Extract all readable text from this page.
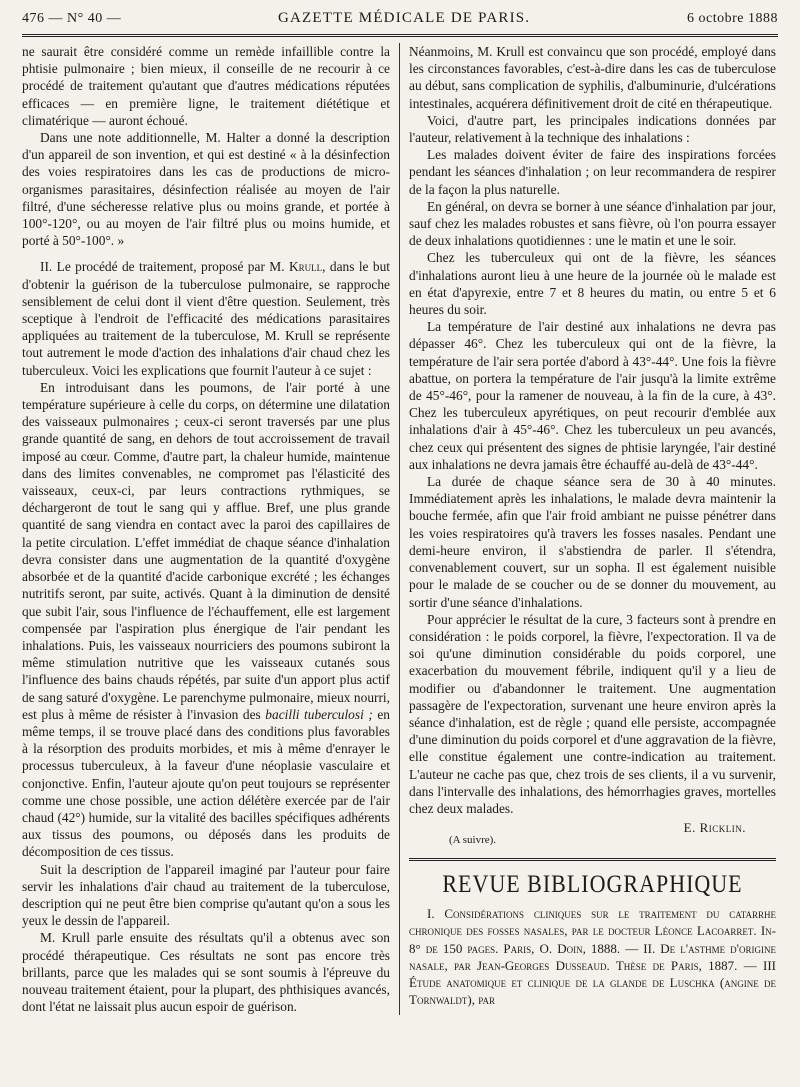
476 — N° 40 —	GAZETTE MÉDICALE DE PARIS.	6 octobre 1888

ne saurait être considéré comme un remède infaillible contre la phtisie pulmonaire ; bien mieux, il conseille de ne recourir à ce procédé de traitement qu'autant que d'autres médications réputées efficaces — en première ligne, le traitement diététique et climatérique — auront échoué.

Dans une note additionnelle, M. Halter a donné la description d'un appareil de son invention, et qui est destiné « à la désinfection des voies respiratoires dans les cas de productions de micro-organismes parasitaires, désinfection réalisée au moyen de l'air filtré, d'une sécheresse relative plus ou moins grande, et portée à 100°-120°, ou au moyen de l'air filtré plus ou moins humide, et porté à 50°-100°. »

II. Le procédé de traitement, proposé par M. Krull, dans le but d'obtenir la guérison de la tuberculose pulmonaire, se rapproche sensiblement de celui dont il vient d'être question. Seulement, très sceptique à l'endroit de l'efficacité des médications parasitaires appliquées au traitement de la tuberculose, M. Krull se représente tout autrement le mode d'action des inhalations d'air chaud chez les tuberculeux. Voici les explications que fournit l'auteur à ce sujet :

En introduisant dans les poumons, de l'air porté à une température supérieure à celle du corps, on détermine une dilatation des vaisseaux pulmonaires ; ceux-ci seront traversés par une plus grande quantité de sang, en dehors de tout accroissement de travail imposé au cœur. Comme, d'autre part, la chaleur humide, maintenue dans des limites convenables, ne compromet pas l'élasticité des vaisseaux, ceux-ci, par leurs contractions rythmiques, se déchargeront de tout le sang qui y afflue. Bref, une plus grande quantité de sang viendra en contact avec la paroi des capillaires de la petite circulation. L'effet immédiat de chaque séance d'inhalation devra consister dans une augmentation de la quantité d'oxygène absorbée et de la quantité d'acide carbonique excrété ; les échanges nutritifs seront, par suite, activés. Quant à la diminution de densité que subit l'air, sous l'influence de l'échauffement, elle est largement compensée par l'aspiration plus énergique de l'air pendant les inhalations. Puis, les vaisseaux nourriciers des poumons subiront la même stimulation nutritive que les vaisseaux cutanés sous l'influence des bains chauds répétés, par suite d'un apport plus actif de sang saturé d'oxygène. Le parenchyme pulmonaire, mieux nourri, est plus à même de résister à l'invasion des bacilli tuberculosi ; en même temps, il se trouve placé dans des conditions plus favorables à la résorption des produits morbides, et mis à même d'enrayer le processus tuberculeux, à la faveur d'une néoplasie vasculaire et conjonctive. Enfin, l'auteur ajoute qu'on peut toujours se représenter comme une chose possible, une action délétère exercée par de l'air chaud (42°) humide, sur la vitalité des bacilles spécifiques adhérents aux tissus des poumons, ou déposés dans les produits de décomposition de ces tissus.

Suit la description de l'appareil imaginé par l'auteur pour faire servir les inhalations d'air chaud au traitement de la tuberculose, description qui ne peut être bien comprise qu'autant qu'on a sous les yeux le dessin de l'appareil.

M. Krull parle ensuite des résultats qu'il a obtenus avec son procédé thérapeutique. Ces résultats ne sont pas encore très brillants, parce que les malades qui se sont soumis à l'épreuve du nouveau traitement étaient, pour la plupart, des phthisiques avancés, dont l'état ne laissait plus aucun espoir de guérison.

Néanmoins, M. Krull est convaincu que son procédé, employé dans les circonstances favorables, c'est-à-dire dans les cas de tuberculose au début, sans complication de syphilis, d'albuminurie, d'ulcérations intestinales, acquérera définitivement droit de cité en thérapeutique.

Voici, d'autre part, les principales indications données par l'auteur, relativement à la technique des inhalations :

Les malades doivent éviter de faire des inspirations forcées pendant les séances d'inhalation ; on leur recommandera de respirer de la façon la plus naturelle.

En général, on devra se borner à une séance d'inhalation par jour, sauf chez les malades robustes et sans fièvre, où l'on pourra essayer de deux inhalations quotidiennes : une le matin et une le soir.

Chez les tuberculeux qui ont de la fièvre, les séances d'inhalations auront lieu à une heure de la journée où le malade est en état d'apyrexie, entre 7 et 8 heures du matin, ou entre 5 et 6 heures du soir.

La température de l'air destiné aux inhalations ne devra pas dépasser 46°. Chez les tuberculeux qui ont de la fièvre, la température de l'air sera portée d'abord à 43°-44°. Une fois la fièvre abattue, on portera la température de l'air jusqu'à la limite extrême de 45°-46°, pour la ramener de nouveau, à la fin de la cure, à 43°. Chez les tuberculeux apyrétiques, on peut recourir d'emblée aux inhalations d'air à 45°-46°. Chez les tuberculeux un peu avancés, chez ceux qui présentent des signes de phtisie laryngée, l'air destiné aux inhalations ne devra jamais être échauffé au-delà de 43°-44°.

La durée de chaque séance sera de 30 à 40 minutes. Immédiatement après les inhalations, le malade devra maintenir la bouche fermée, afin que l'air froid ambiant ne puisse pénétrer dans les voies respiratoires qu'à travers les fosses nasales. Pendant une demi-heure environ, il s'abstiendra de parler. Il s'étendra, convenablement couvert, sur un sopha. Il est également nuisible pour le malade de se coucher ou de se donner du mouvement, au sortir d'une séance d'inhalations.

Pour apprécier le résultat de la cure, 3 facteurs sont à prendre en considération : le poids corporel, la fièvre, l'expectoration. Il va de soi qu'une diminution considérable du poids corporel, une exacerbation du mouvement fébrile, indiquent qu'il y a lieu de modifier ou d'abandonner le traitement. Une augmentation passagère de l'expectoration, survenant une heure environ après la séance d'inhalation, est de règle ; quand elle persiste, accompagnée d'une diminution du poids corporel et d'une aggravation de la fièvre, elle constitue également une contre-indication au traitement. L'auteur ne cache pas que, chez trois de ses clients, il a vu survenir, dans l'intervalle des inhalations, des hémorrhagies graves, mortelles chez deux malades.

E. Ricklin.
(A suivre).
REVUE BIBLIOGRAPHIQUE

I. Considérations cliniques sur le traitement du catarrhe chronique des fosses nasales, par le docteur Léonce Lacoarret. In-8° de 150 pages. Paris, O. Doin, 1888. — II. De l'asthme d'origine nasale, par Jean-Georges Dusseaud. Thèse de Paris, 1887. — III Étude anatomique et clinique de la glande de Luschka (angine de Tornwaldt), par
